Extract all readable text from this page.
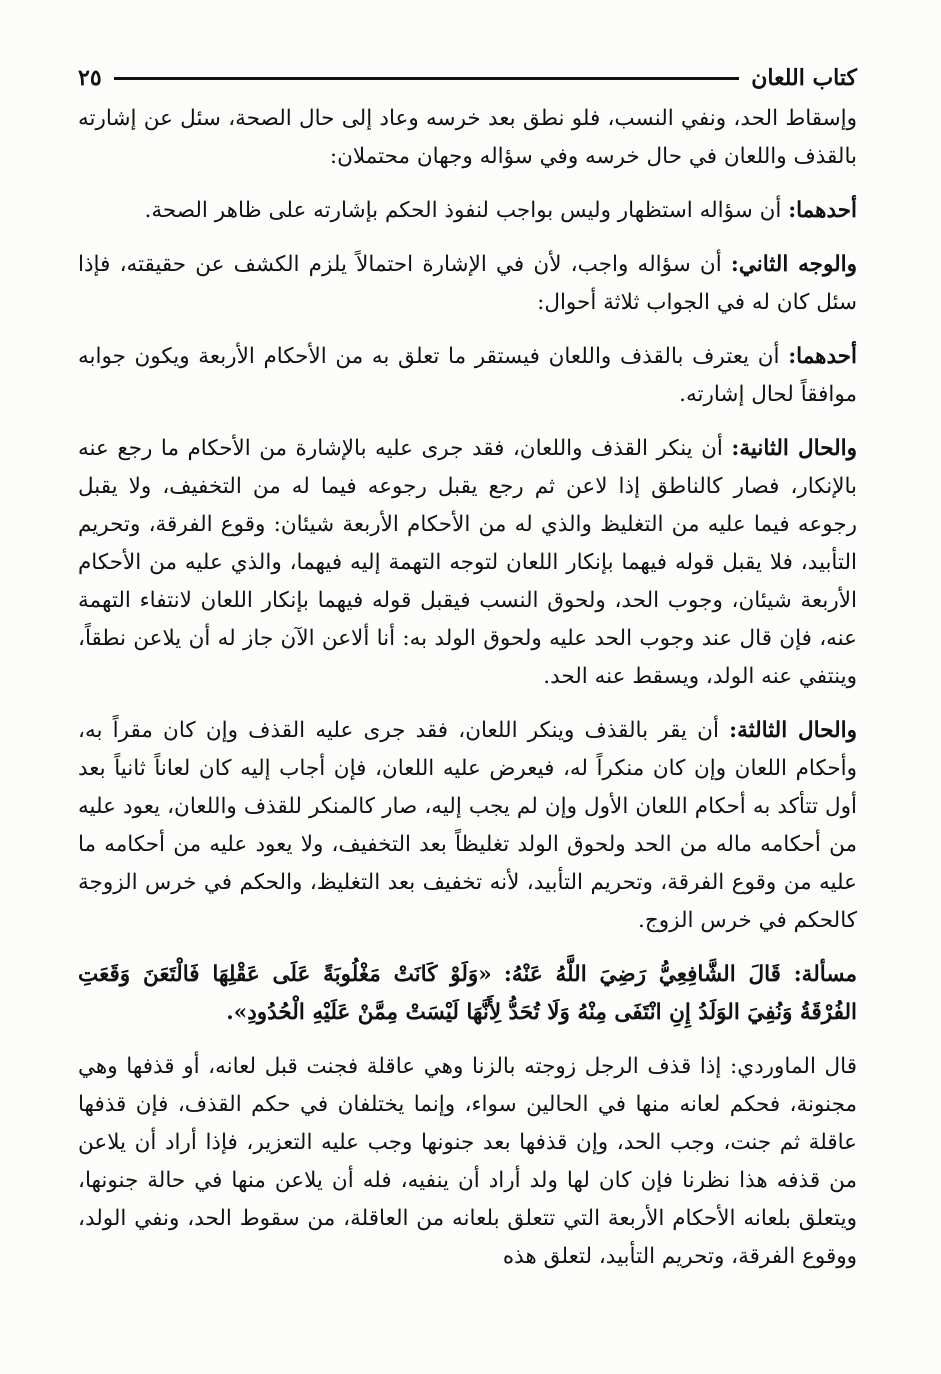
كتاب اللعان
٢٥

وإسقاط الحد، ونفي النسب، فلو نطق بعد خرسه وعاد إلى حال الصحة، سئل عن إشارته بالقذف واللعان في حال خرسه وفي سؤاله وجهان محتملان:

أحدهما: أن سؤاله استظهار وليس بواجب لنفوذ الحكم بإشارته على ظاهر الصحة.

والوجه الثاني: أن سؤاله واجب، لأن في الإشارة احتمالاً يلزم الكشف عن حقيقته، فإذا سئل كان له في الجواب ثلاثة أحوال:

أحدهما: أن يعترف بالقذف واللعان فيستقر ما تعلق به من الأحكام الأربعة ويكون جوابه موافقاً لحال إشارته.

والحال الثانية: أن ينكر القذف واللعان، فقد جرى عليه بالإشارة من الأحكام ما رجع عنه بالإنكار، فصار كالناطق إذا لاعن ثم رجع يقبل رجوعه فيما له من التخفيف، ولا يقبل رجوعه فيما عليه من التغليظ والذي له من الأحكام الأربعة شيئان: وقوع الفرقة، وتحريم التأبيد، فلا يقبل قوله فيهما بإنكار اللعان لتوجه التهمة إليه فيهما، والذي عليه من الأحكام الأربعة شيئان، وجوب الحد، ولحوق النسب فيقبل قوله فيهما بإنكار اللعان لانتفاء التهمة عنه، فإن قال عند وجوب الحد عليه ولحوق الولد به: أنا ألاعن الآن جاز له أن يلاعن نطقاً، وينتفي عنه الولد، ويسقط عنه الحد.

والحال الثالثة: أن يقر بالقذف وينكر اللعان، فقد جرى عليه القذف وإن كان مقراً به، وأحكام اللعان وإن كان منكراً له، فيعرض عليه اللعان، فإن أجاب إليه كان لعاناً ثانياً بعد أول تتأكد به أحكام اللعان الأول وإن لم يجب إليه، صار كالمنكر للقذف واللعان، يعود عليه من أحكامه ماله من الحد ولحوق الولد تغليظاً بعد التخفيف، ولا يعود عليه من أحكامه ما عليه من وقوع الفرقة، وتحريم التأبيد، لأنه تخفيف بعد التغليظ، والحكم في خرس الزوجة كالحكم في خرس الزوج.

مسألة: قَالَ الشَّافِعِيُّ رَضِيَ اللَّهُ عَنْهُ: «وَلَوْ كَانَتْ مَغْلُوبَةً عَلَى عَقْلِهَا فَالْتَعَنَ وَقَعَتِ الفُرْقَةُ وَنُفِيَ الوَلَدُ إِنِ انْتَفَى مِنْهُ وَلَا تُحَدُّ لِأَنَّهَا لَيْسَتْ مِمَّنْ عَلَيْهِ الْحُدُودِ».

قال الماوردي: إذا قذف الرجل زوجته بالزنا وهي عاقلة فجنت قبل لعانه، أو قذفها وهي مجنونة، فحكم لعانه منها في الحالين سواء، وإنما يختلفان في حكم القذف، فإن قذفها عاقلة ثم جنت، وجب الحد، وإن قذفها بعد جنونها وجب عليه التعزير، فإذا أراد أن يلاعن من قذفه هذا نظرنا فإن كان لها ولد أراد أن ينفيه، فله أن يلاعن منها في حالة جنونها، ويتعلق بلعانه الأحكام الأربعة التي تتعلق بلعانه من العاقلة، من سقوط الحد، ونفي الولد، ووقوع الفرقة، وتحريم التأبيد، لتعلق هذه
